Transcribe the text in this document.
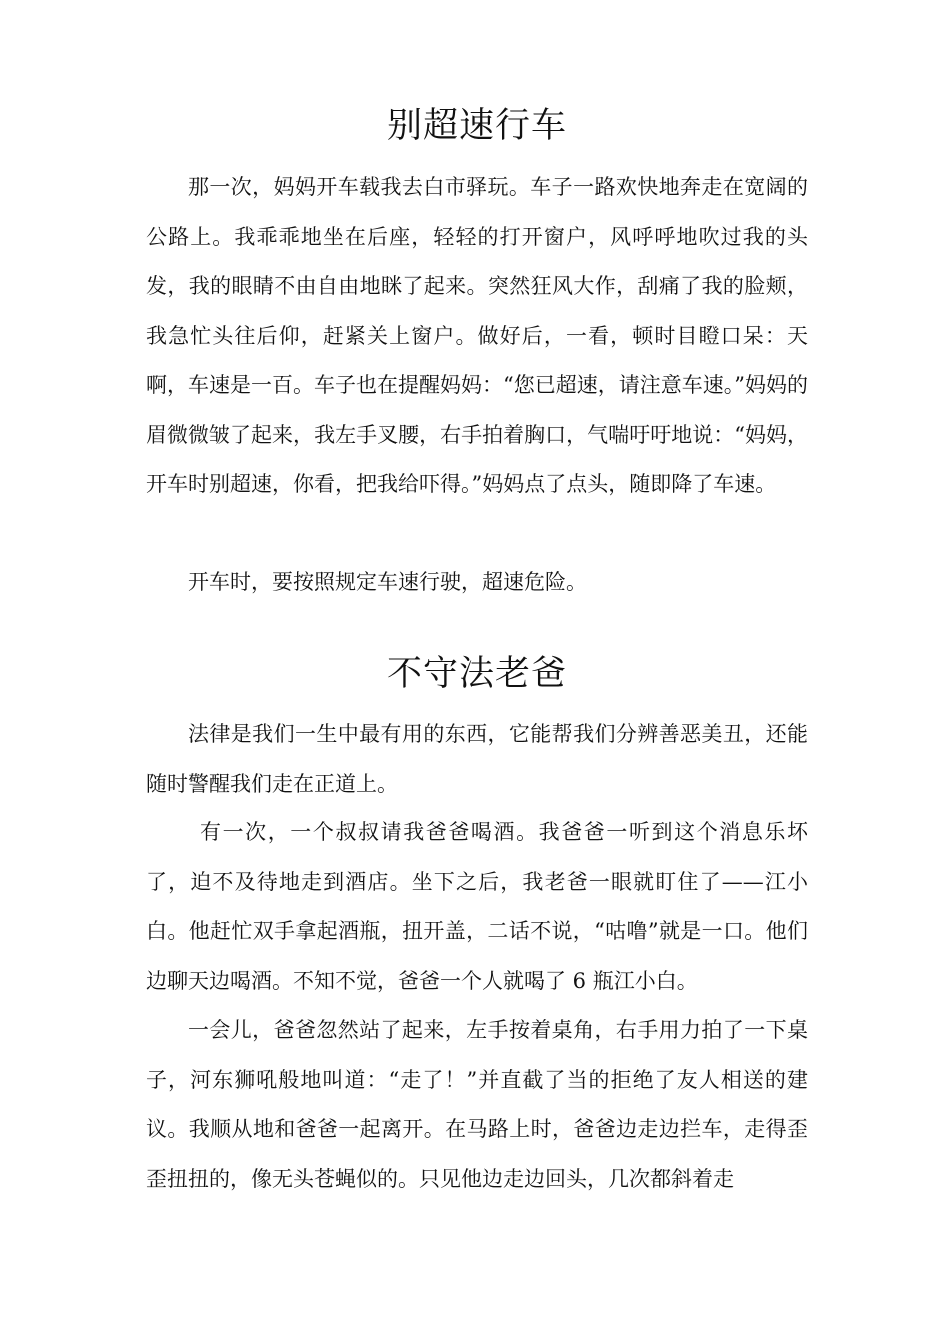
别超速行车

那一次，妈妈开车载我去白市驿玩。车子一路欢快地奔走在宽阔的公路上。我乖乖地坐在后座，轻轻的打开窗户，风呼呼地吹过我的头发，我的眼睛不由自由地眯了起来。突然狂风大作，刮痛了我的脸颊，我急忙头往后仰，赶紧关上窗户。做好后，一看，顿时目瞪口呆：天啊，车速是一百。车子也在提醒妈妈：“您已超速，请注意车速。”妈妈的眉微微皱了起来，我左手叉腰，右手拍着胸口，气喘吁吁地说：“妈妈，开车时别超速，你看，把我给吓得。”妈妈点了点头，随即降了车速。

开车时，要按照规定车速行驶，超速危险。

不守法老爸

法律是我们一生中最有用的东西，它能帮我们分辨善恶美丑，还能随时警醒我们走在正道上。

有一次，一个叔叔请我爸爸喝酒。我爸爸一听到这个消息乐坏了，迫不及待地走到酒店。坐下之后，我老爸一眼就盯住了——江小白。他赶忙双手拿起酒瓶，扭开盖，二话不说，“咕噜”就是一口。他们边聊天边喝酒。不知不觉，爸爸一个人就喝了 6 瓶江小白。

一会儿，爸爸忽然站了起来，左手按着桌角，右手用力拍了一下桌子，河东狮吼般地叫道：“走了！”并直截了当的拒绝了友人相送的建议。我顺从地和爸爸一起离开。在马路上时，爸爸边走边拦车，走得歪歪扭扭的，像无头苍蝇似的。只见他边走边回头，几次都斜着走
